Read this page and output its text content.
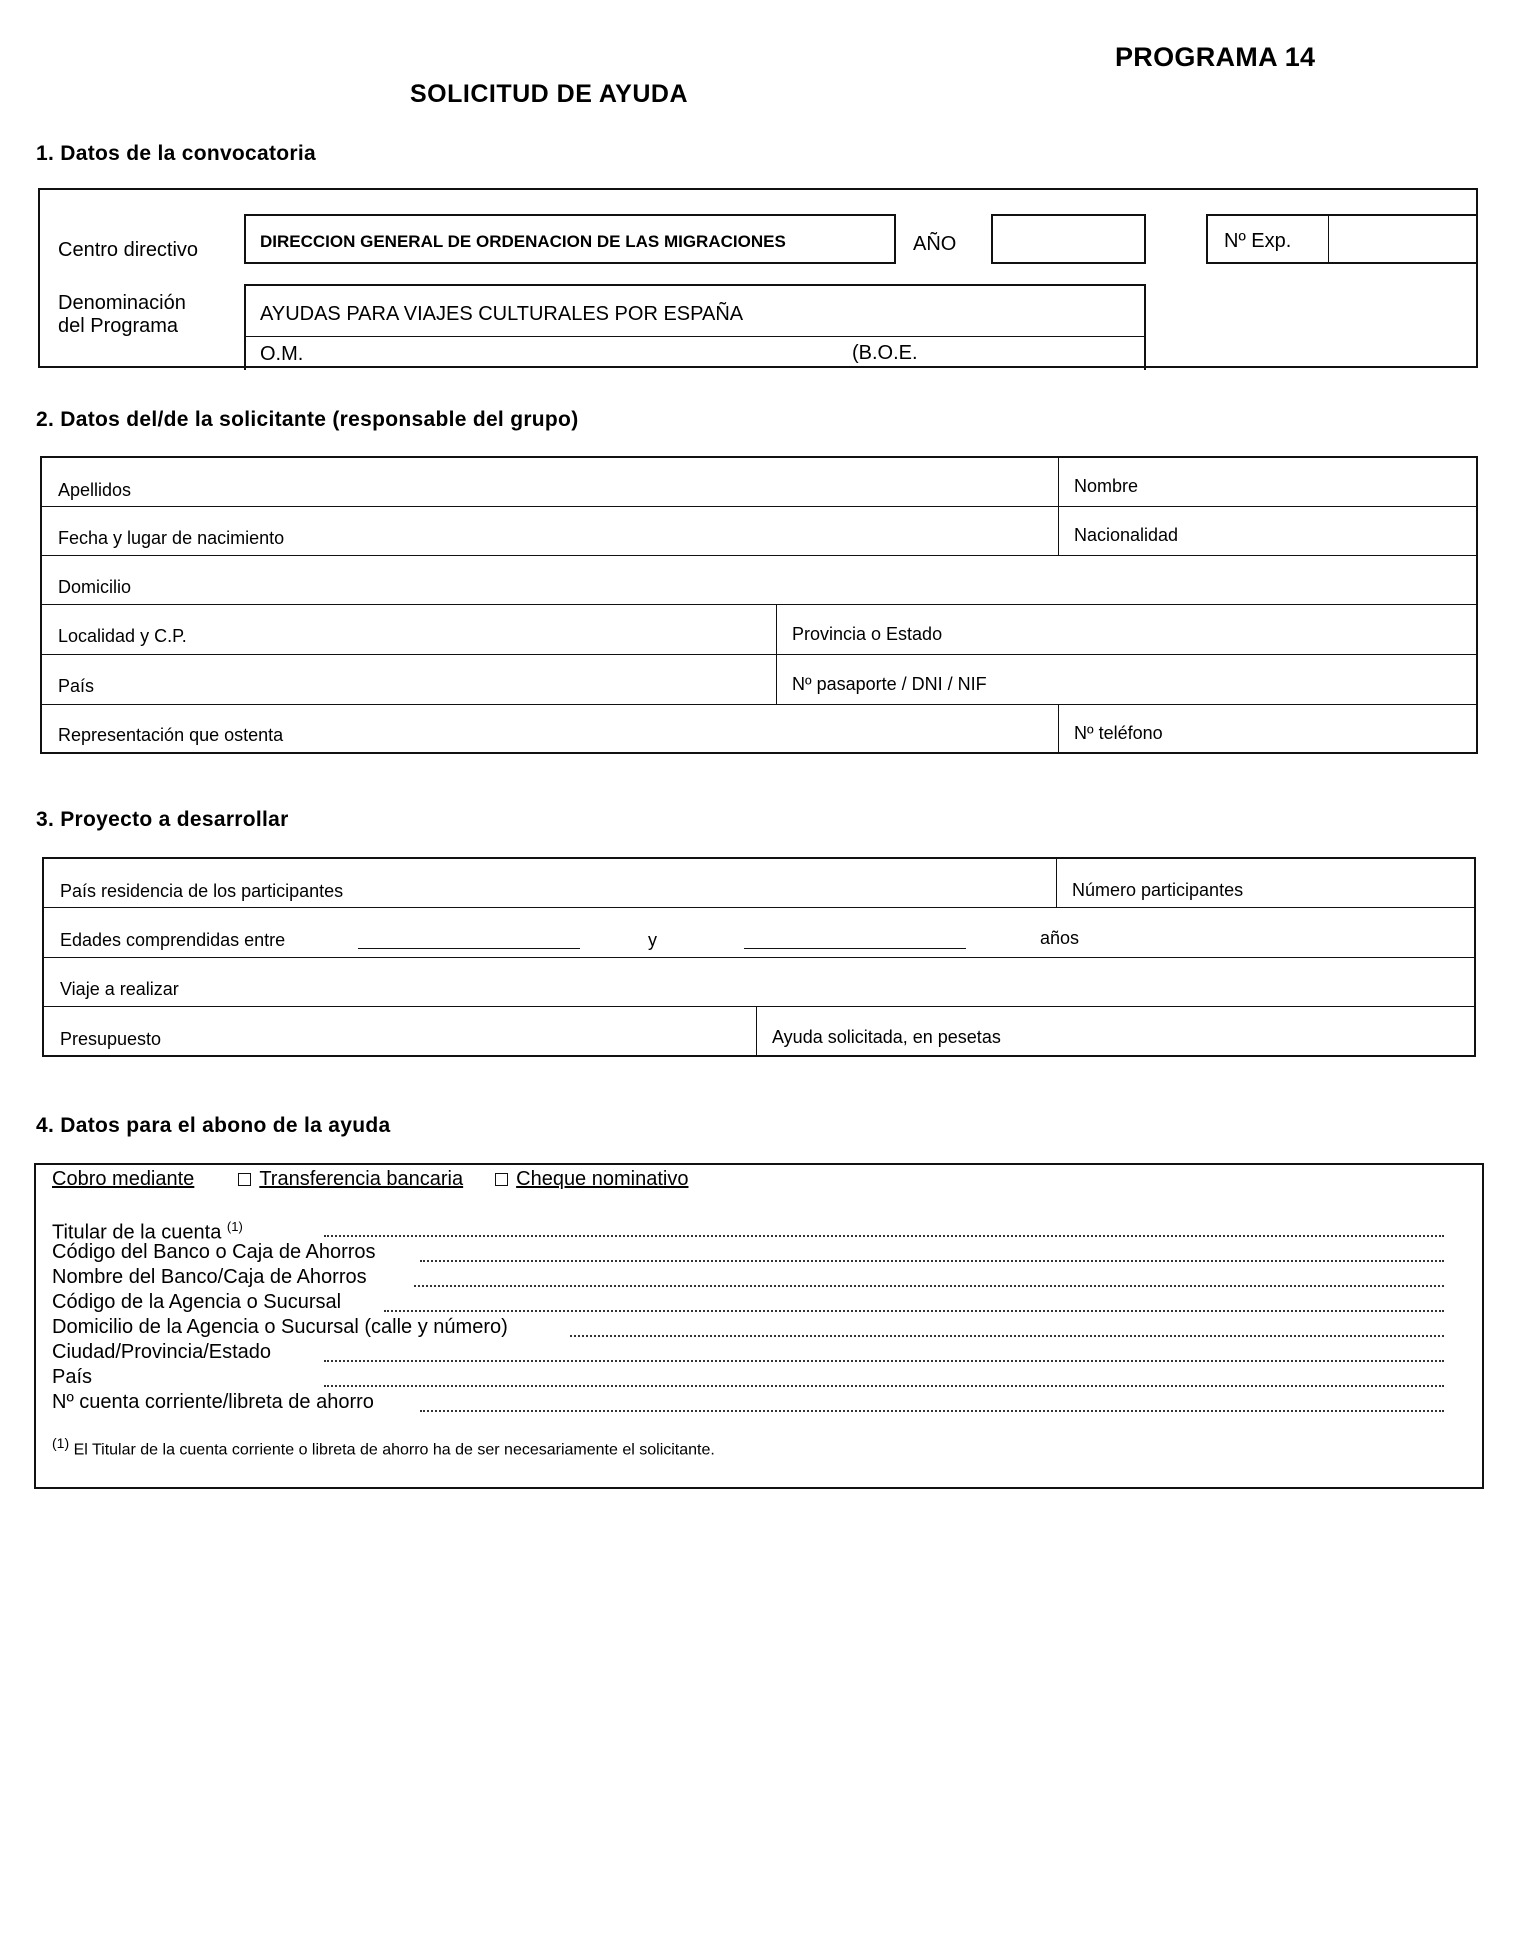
PROGRAMA 14
SOLICITUD DE AYUDA
1. Datos de la convocatoria
Centro directivo	DIRECCION GENERAL DE ORDENACION DE LAS MIGRACIONES	AÑO	Nº Exp.
Denominación
del Programa
AYUDAS PARA VIAJES CULTURALES POR ESPAÑA
O.M.	(B.O.E.
2. Datos del/de la solicitante (responsable del grupo)
Apellidos	Nombre
Fecha y lugar de nacimiento	Nacionalidad
Domicilio
Localidad y C.P.	Provincia o Estado
País	Nº pasaporte / DNI / NIF
Representación que ostenta	Nº teléfono
3. Proyecto a desarrollar
País residencia de los participantes	Número participantes
Edades comprendidas entre	y	años
Viaje a realizar
Presupuesto	Ayuda solicitada, en pesetas
4. Datos para el abono de la ayuda
Cobro mediante	Transferencia bancaria	Cheque nominativo
Titular de la cuenta $^{(1)}$
Código del Banco o Caja de Ahorros
Nombre del Banco/Caja de Ahorros
Código de la Agencia o Sucursal
Domicilio de la Agencia o Sucursal (calle y número)
Ciudad/Provincia/Estado
País
Nº cuenta corriente/libreta de ahorro
$^{(1)}$ El Titular de la cuenta corriente o libreta de ahorro ha de ser necesariamente el solicitante.
